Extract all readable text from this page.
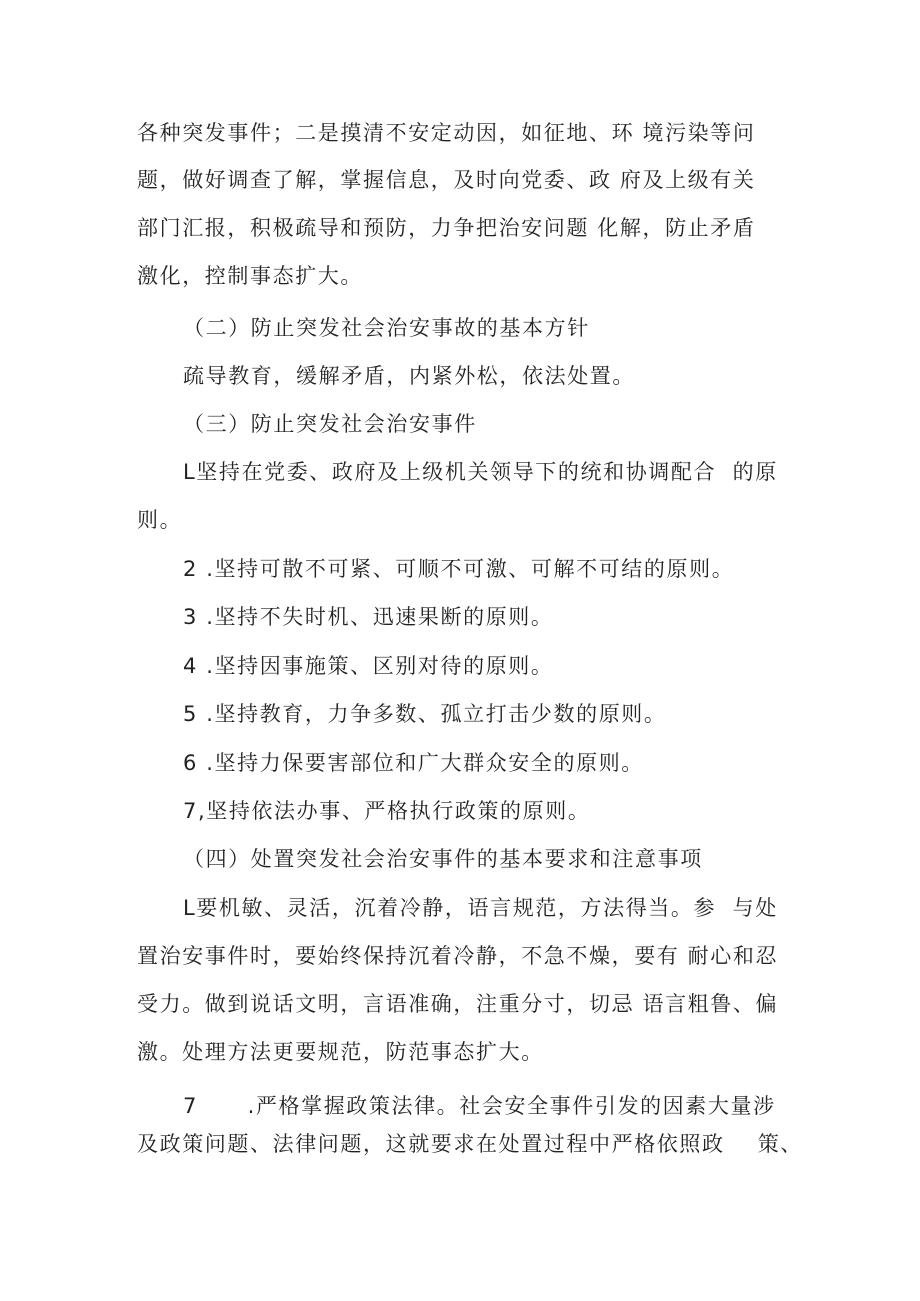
各种突发事件；二是摸清不安定动因，如征地、环 境污染等问
题，做好调查了解，掌握信息，及时向党委、政 府及上级有关
部门汇报，积极疏导和预防，力争把治安问题 化解，防止矛盾
激化，控制事态扩大。
（二）防止突发社会治安事故的基本方针
疏导教育，缓解矛盾，内紧外松，依法处置。
（三）防止突发社会治安事件
L坚持在党委、政府及上级机关领导下的统和协调配合  的原
则。
2 .坚持可散不可紧、可顺不可激、可解不可结的原则。
3 .坚持不失时机、迅速果断的原则。
4 .坚持因事施策、区别对待的原则。
5 .坚持教育，力争多数、孤立打击少数的原则。
6 .坚持力保要害部位和广大群众安全的原则。
7,坚持依法办事、严格执行政策的原则。
（四）处置突发社会治安事件的基本要求和注意事项
L要机敏、灵活，沉着冷静，语言规范，方法得当。参  与处
置治安事件时，要始终保持沉着冷静，不急不燥，要有 耐心和忍
受力。做到说话文明，言语准确，注重分寸，切忌 语言粗鲁、偏
激。处理方法更要规范，防范事态扩大。
7      .严格掌握政策法律。社会安全事件引发的因素大量涉
及政策问题、法律问题，这就要求在处置过程中严格依照政    策、
